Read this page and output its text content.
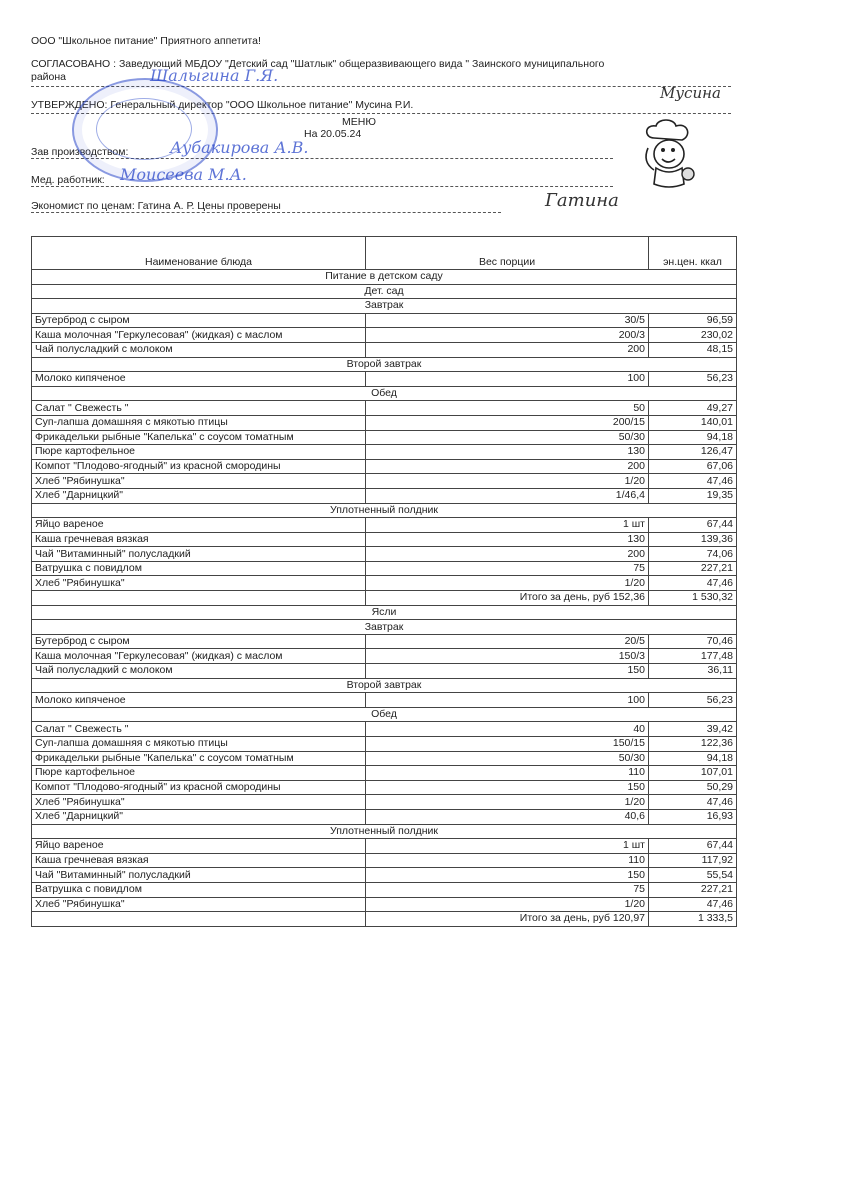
ООО "Школьное питание" Приятного аппетита!
СОГЛАСОВАНО : Заведующий МБДОУ "Детский сад "Шатлык" общеразвивающего вида " Заинского муниципального
района
УТВЕРЖДЕНО: Генеральный директор "ООО Школьное питание" Мусина Р.И.
МЕНЮ
На 20.05.24
Зав производством:
Мед. работник:
Экономист по ценам: Гатина А. Р. Цены проверены
Шалыгина Г.Я.
Аубакирова А.В.
Моисеева М.А.
Гатина
Мусина
Наименование блюда	Вес порции	эн.цен. ккал
Питание в детском саду		
Дет. сад		
Завтрак		
Бутерброд с сыром	30/5	96,59
Каша молочная "Геркулесовая" (жидкая) с маслом	200/3	230,02
Чай полусладкий с молоком	200	48,15
Второй завтрак		
Молоко кипяченое	100	56,23
Обед		
Салат " Свежесть "	50	49,27
Суп-лапша домашняя с мякотью птицы	200/15	140,01
Фрикадельки рыбные "Капелька" с соусом томатным	50/30	94,18
Пюре картофельное	130	126,47
Компот "Плодово-ягодный" из красной смородины	200	67,06
Хлеб "Рябинушка"	1/20	47,46
Хлеб "Дарницкий"	1/46,4	19,35
Уплотненный полдник		
Яйцо вареное	1 шт	67,44
Каша гречневая вязкая	130	139,36
Чай "Витаминный" полусладкий	200	74,06
Ватрушка с повидлом	75	227,21
Хлеб "Рябинушка"	1/20	47,46
	Итого за день, руб 152,36	1 530,32
Ясли		
Завтрак		
Бутерброд с сыром	20/5	70,46
Каша молочная "Геркулесовая" (жидкая) с маслом	150/3	177,48
Чай полусладкий с молоком	150	36,11
Второй завтрак		
Молоко кипяченое	100	56,23
Обед		
Салат " Свежесть "	40	39,42
Суп-лапша домашняя с мякотью птицы	150/15	122,36
Фрикадельки рыбные "Капелька" с соусом томатным	50/30	94,18
Пюре картофельное	110	107,01
Компот "Плодово-ягодный" из красной смородины	150	50,29
Хлеб "Рябинушка"	1/20	47,46
Хлеб "Дарницкий"	40,6	16,93
Уплотненный полдник		
Яйцо вареное	1 шт	67,44
Каша гречневая вязкая	110	117,92
Чай "Витаминный" полусладкий	150	55,54
Ватрушка с повидлом	75	227,21
Хлеб "Рябинушка"	1/20	47,46
	Итого за день, руб 120,97	1 333,5
